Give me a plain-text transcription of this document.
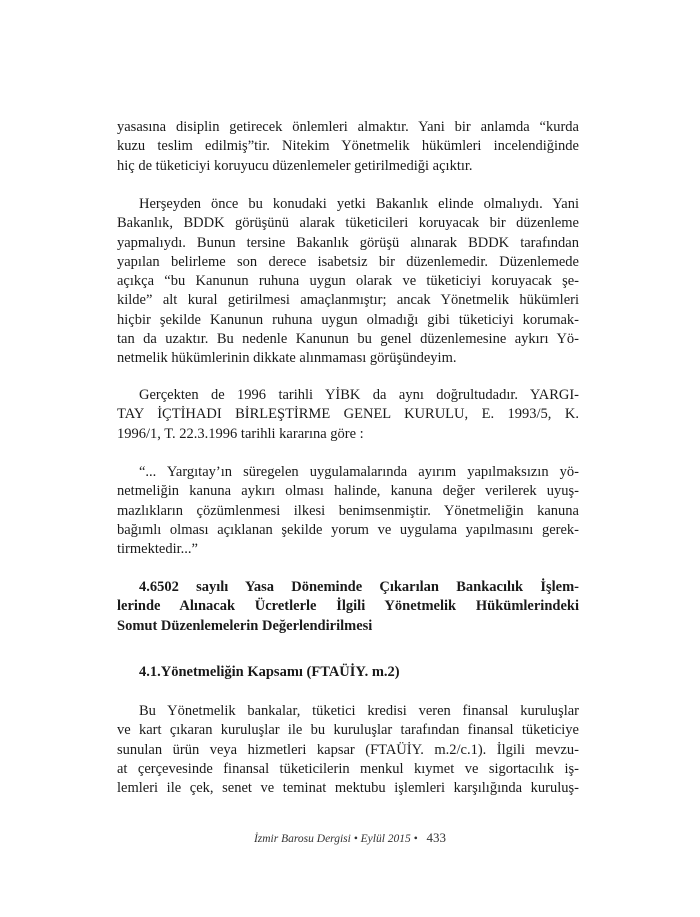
yasasına disiplin getirecek önlemleri almaktır. Yani bir anlamda “kurda
kuzu teslim edilmiş”tir. Nitekim Yönetmelik hükümleri incelendiğinde
hiç de tüketiciyi koruyucu düzenlemeler getirilmediği açıktır.
Herşeyden önce bu konudaki yetki Bakanlık elinde olmalıydı. Yani
Bakanlık, BDDK görüşünü alarak tüketicileri koruyacak bir düzenleme
yapmalıydı. Bunun tersine Bakanlık görüşü alınarak BDDK tarafından
yapılan belirleme son derece isabetsiz bir düzenlemedir. Düzenlemede
açıkça “bu Kanunun ruhuna uygun olarak ve tüketiciyi koruyacak şe-
kilde” alt kural getirilmesi amaçlanmıştır; ancak Yönetmelik hükümleri
hiçbir şekilde Kanunun ruhuna uygun olmadığı gibi tüketiciyi korumak-
tan da uzaktır. Bu nedenle Kanunun bu genel düzenlemesine aykırı Yö-
netmelik hükümlerinin dikkate alınmaması görüşündeyim.
Gerçekten de 1996 tarihli YİBK da aynı doğrultudadır. YARGI-
TAY İÇTİHADI BİRLEŞTİRME GENEL KURULU, E. 1993/5, K.
1996/1, T. 22.3.1996 tarihli kararına göre :
“... Yargıtay’ın süregelen uygulamalarında ayırım yapılmaksızın yö-
netmeliğin kanuna aykırı olması halinde, kanuna değer verilerek uyuş-
mazlıkların çözümlenmesi ilkesi benimsenmiştir. Yönetmeliğin kanuna
bağımlı olması açıklanan şekilde yorum ve uygulama yapılmasını gerek-
tirmektedir...”
4.6502 sayılı Yasa Döneminde Çıkarılan Bankacılık İşlem-
lerinde Alınacak Ücretlerle İlgili Yönetmelik Hükümlerindeki
Somut Düzenlemelerin Değerlendirilmesi
4.1.Yönetmeliğin Kapsamı (FTAÜİY. m.2)
Bu Yönetmelik bankalar, tüketici kredisi veren finansal kuruluşlar
ve kart çıkaran kuruluşlar ile bu kuruluşlar tarafından finansal tüketiciye
sunulan ürün veya hizmetleri kapsar (FTAÜİY. m.2/c.1). İlgili mevzu-
at çerçevesinde finansal tüketicilerin menkul kıymet ve sigortacılık iş-
lemleri ile çek, senet ve teminat mektubu işlemleri karşılığında kuruluş-
İzmir Barosu Dergisi • Eylül 2015 • 433
